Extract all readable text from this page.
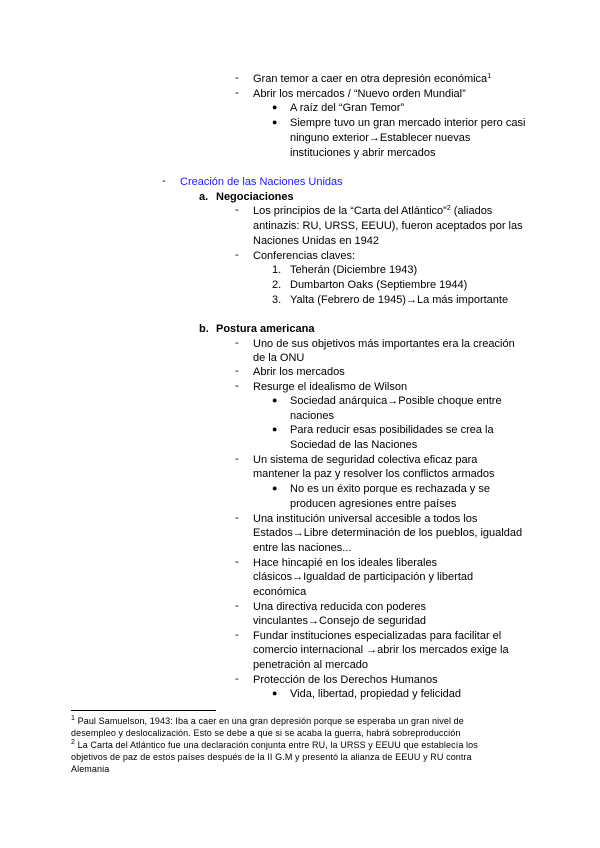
- Gran temor a caer en otra depresión económica$^1$
- Abrir los mercados / “Nuevo orden Mundial”
● A raíz del “Gran Temor”
● Siempre tuvo un gran mercado interior pero casi
ninguno exterior→Establecer nuevas
instituciones y abrir mercados
- Creación de las Naciones Unidas
a. Negociaciones
- Los principios de la “Carta del Atlántico”$^2$ (aliados
antinazis: RU, URSS, EEUU), fueron aceptados por las
Naciones Unidas en 1942
- Conferencias claves:
1. Teherán (Diciembre 1943)
2. Dumbarton Oaks (Septiembre 1944)
3. Yalta (Febrero de 1945)→La más importante
b. Postura americana
- Uno de sus objetivos más importantes era la creación
de la ONU
- Abrir los mercados
- Resurge el idealismo de Wilson
● Sociedad anárquica→Posible choque entre
naciones
● Para reducir esas posibilidades se crea la
Sociedad de las Naciones
- Un sistema de seguridad colectiva eficaz para
mantener la paz y resolver los conflictos armados
● No es un éxito porque es rechazada y se
producen agresiones entre países
- Una institución universal accesible a todos los
Estados→Libre determinación de los pueblos, igualdad
entre las naciones...
- Hace hincapié en los ideales liberales
clásicos→Igualdad de participación y libertad
económica
- Una directiva reducida con poderes
vinculantes→Consejo de seguridad
- Fundar instituciones especializadas para facilitar el
comercio internacional →abrir los mercados exige la
penetración al mercado
- Protección de los Derechos Humanos
● Vida, libertad, propiedad y felicidad
$^1$ Paul Samuelson, 1943: Iba a caer en una gran depresión porque se esperaba un gran nivel de
desempleo y deslocalización. Esto se debe a que si se acaba la guerra, habrá sobreproducción
$^2$ La Carta del Atlántico fue una declaración conjunta entre RU, la URSS y EEUU que establecía los
objetivos de paz de estos países después de la II G.M y presentó la alianza de EEUU y RU contra
Alemania
